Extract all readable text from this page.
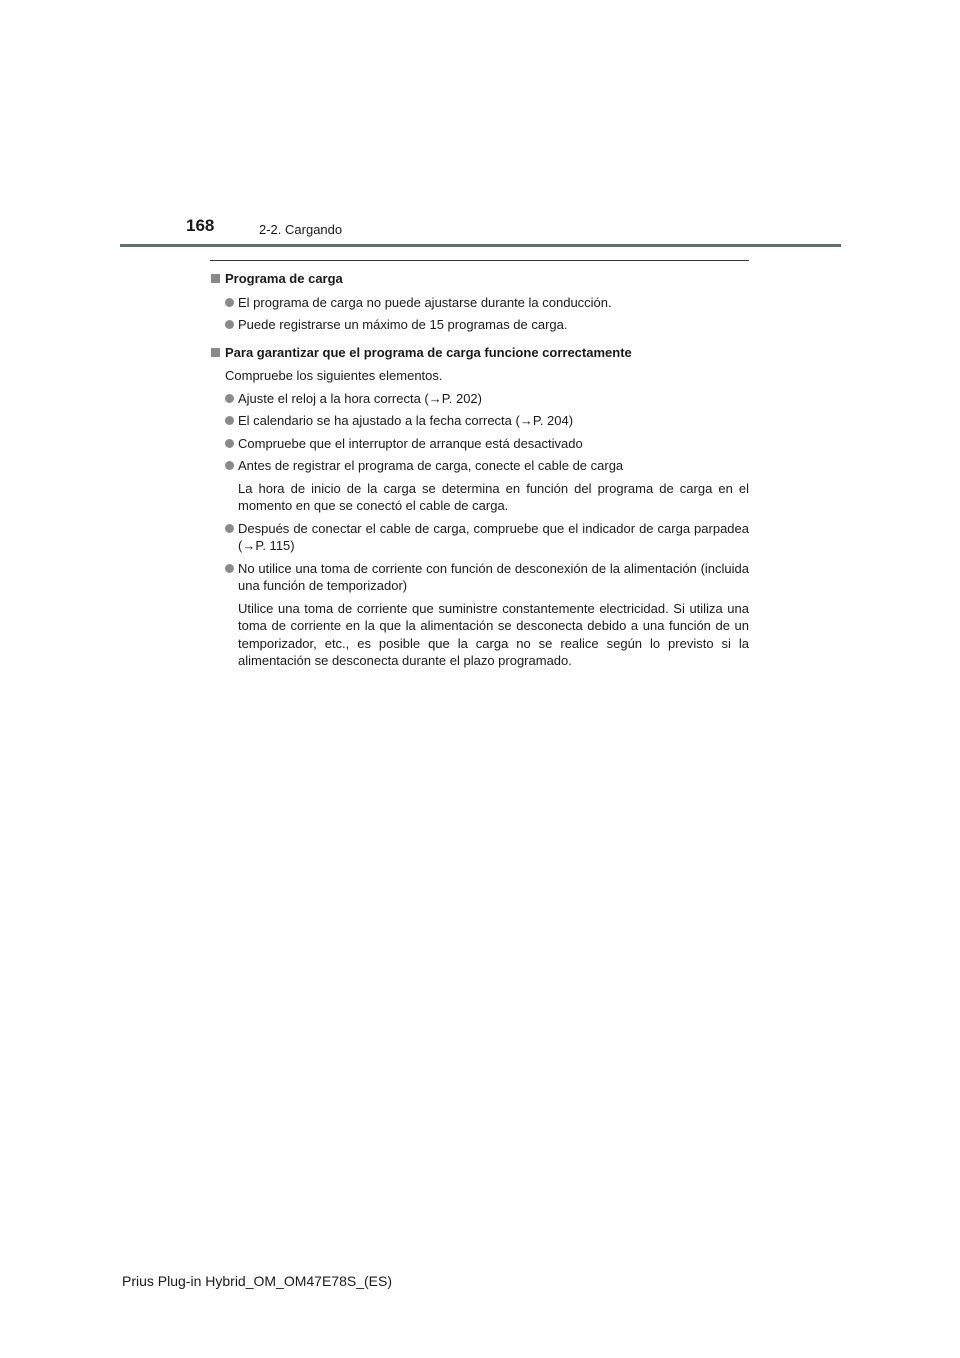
168	2-2. Cargando
Programa de carga
El programa de carga no puede ajustarse durante la conducción.
Puede registrarse un máximo de 15 programas de carga.
Para garantizar que el programa de carga funcione correctamente
Compruebe los siguientes elementos.
Ajuste el reloj a la hora correcta (→P. 202)
El calendario se ha ajustado a la fecha correcta (→P. 204)
Compruebe que el interruptor de arranque está desactivado
Antes de registrar el programa de carga, conecte el cable de carga
La hora de inicio de la carga se determina en función del programa de carga en el momento en que se conectó el cable de carga.
Después de conectar el cable de carga, compruebe que el indicador de carga parpadea (→P. 115)
No utilice una toma de corriente con función de desconexión de la alimentación (incluida una función de temporizador)
Utilice una toma de corriente que suministre constantemente electricidad. Si utiliza una toma de corriente en la que la alimentación se desconecta debido a una función de un temporizador, etc., es posible que la carga no se realice según lo previsto si la alimentación se desconecta durante el plazo programado.
Prius Plug-in Hybrid_OM_OM47E78S_(ES)
